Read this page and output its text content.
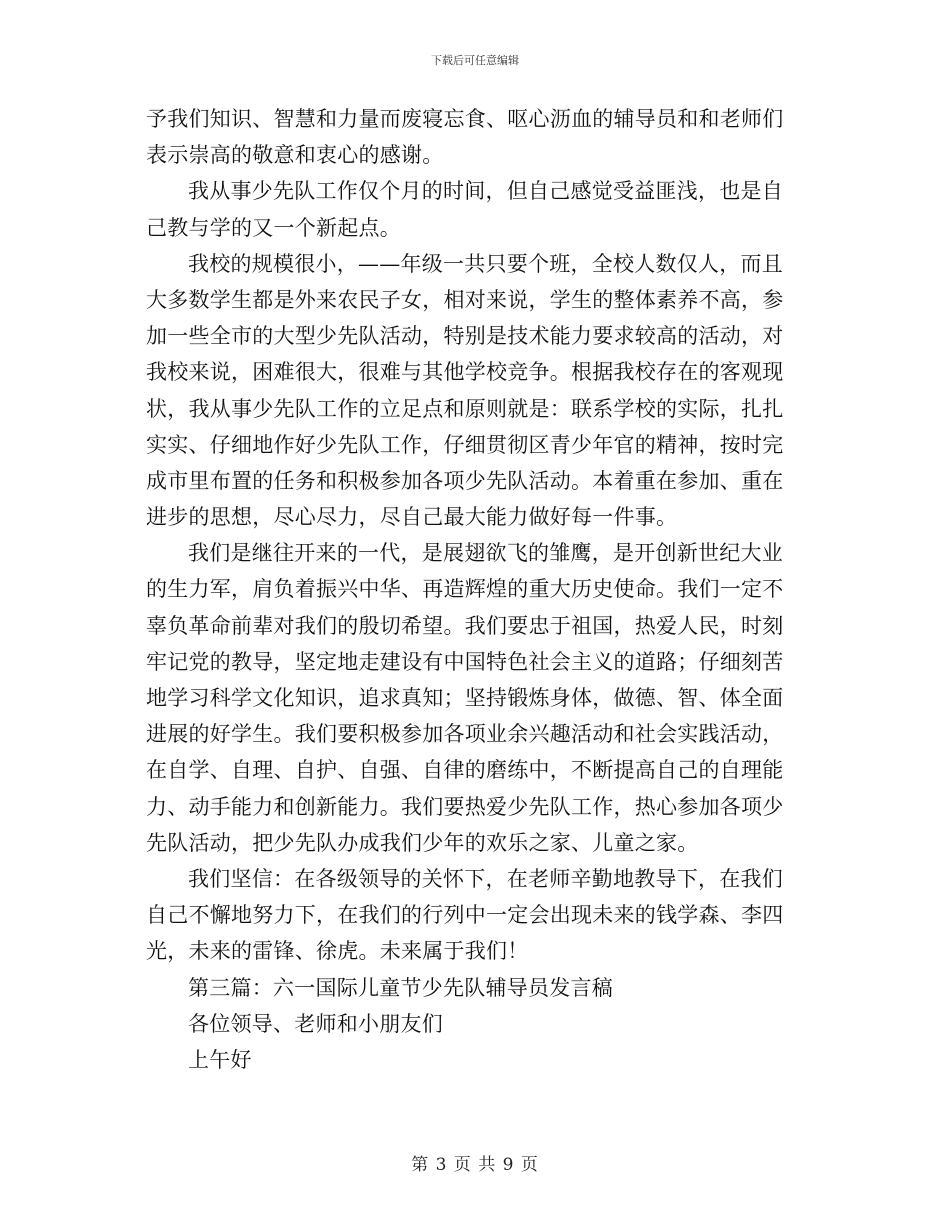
下载后可任意编辑
予我们知识、智慧和力量而废寝忘食、呕心沥血的辅导员和和老师们
表示崇高的敬意和衷心的感谢。
我从事少先队工作仅个月的时间，但自己感觉受益匪浅，也是自
己教与学的又一个新起点。
我校的规模很小，——年级一共只要个班，全校人数仅人，而且
大多数学生都是外来农民子女，相对来说，学生的整体素养不高，参
加一些全市的大型少先队活动，特别是技术能力要求较高的活动，对
我校来说，困难很大，很难与其他学校竞争。根据我校存在的客观现
状，我从事少先队工作的立足点和原则就是：联系学校的实际，扎扎
实实、仔细地作好少先队工作，仔细贯彻区青少年官的精神，按时完
成市里布置的任务和积极参加各项少先队活动。本着重在参加、重在
进步的思想，尽心尽力，尽自己最大能力做好每一件事。
我们是继往开来的一代，是展翅欲飞的雏鹰，是开创新世纪大业
的生力军，肩负着振兴中华、再造辉煌的重大历史使命。我们一定不
辜负革命前辈对我们的殷切希望。我们要忠于祖国，热爱人民，时刻
牢记党的教导，坚定地走建设有中国特色社会主义的道路；仔细刻苦
地学习科学文化知识，追求真知；坚持锻炼身体，做德、智、体全面
进展的好学生。我们要积极参加各项业余兴趣活动和社会实践活动，
在自学、自理、自护、自强、自律的磨练中，不断提高自己的自理能
力、动手能力和创新能力。我们要热爱少先队工作，热心参加各项少
先队活动，把少先队办成我们少年的欢乐之家、儿童之家。
我们坚信：在各级领导的关怀下，在老师辛勤地教导下，在我们
自己不懈地努力下，在我们的行列中一定会出现未来的钱学森、李四
光，未来的雷锋、徐虎。未来属于我们！
第三篇：六一国际儿童节少先队辅导员发言稿
各位领导、老师和小朋友们
上午好
第 3 页 共 9 页
